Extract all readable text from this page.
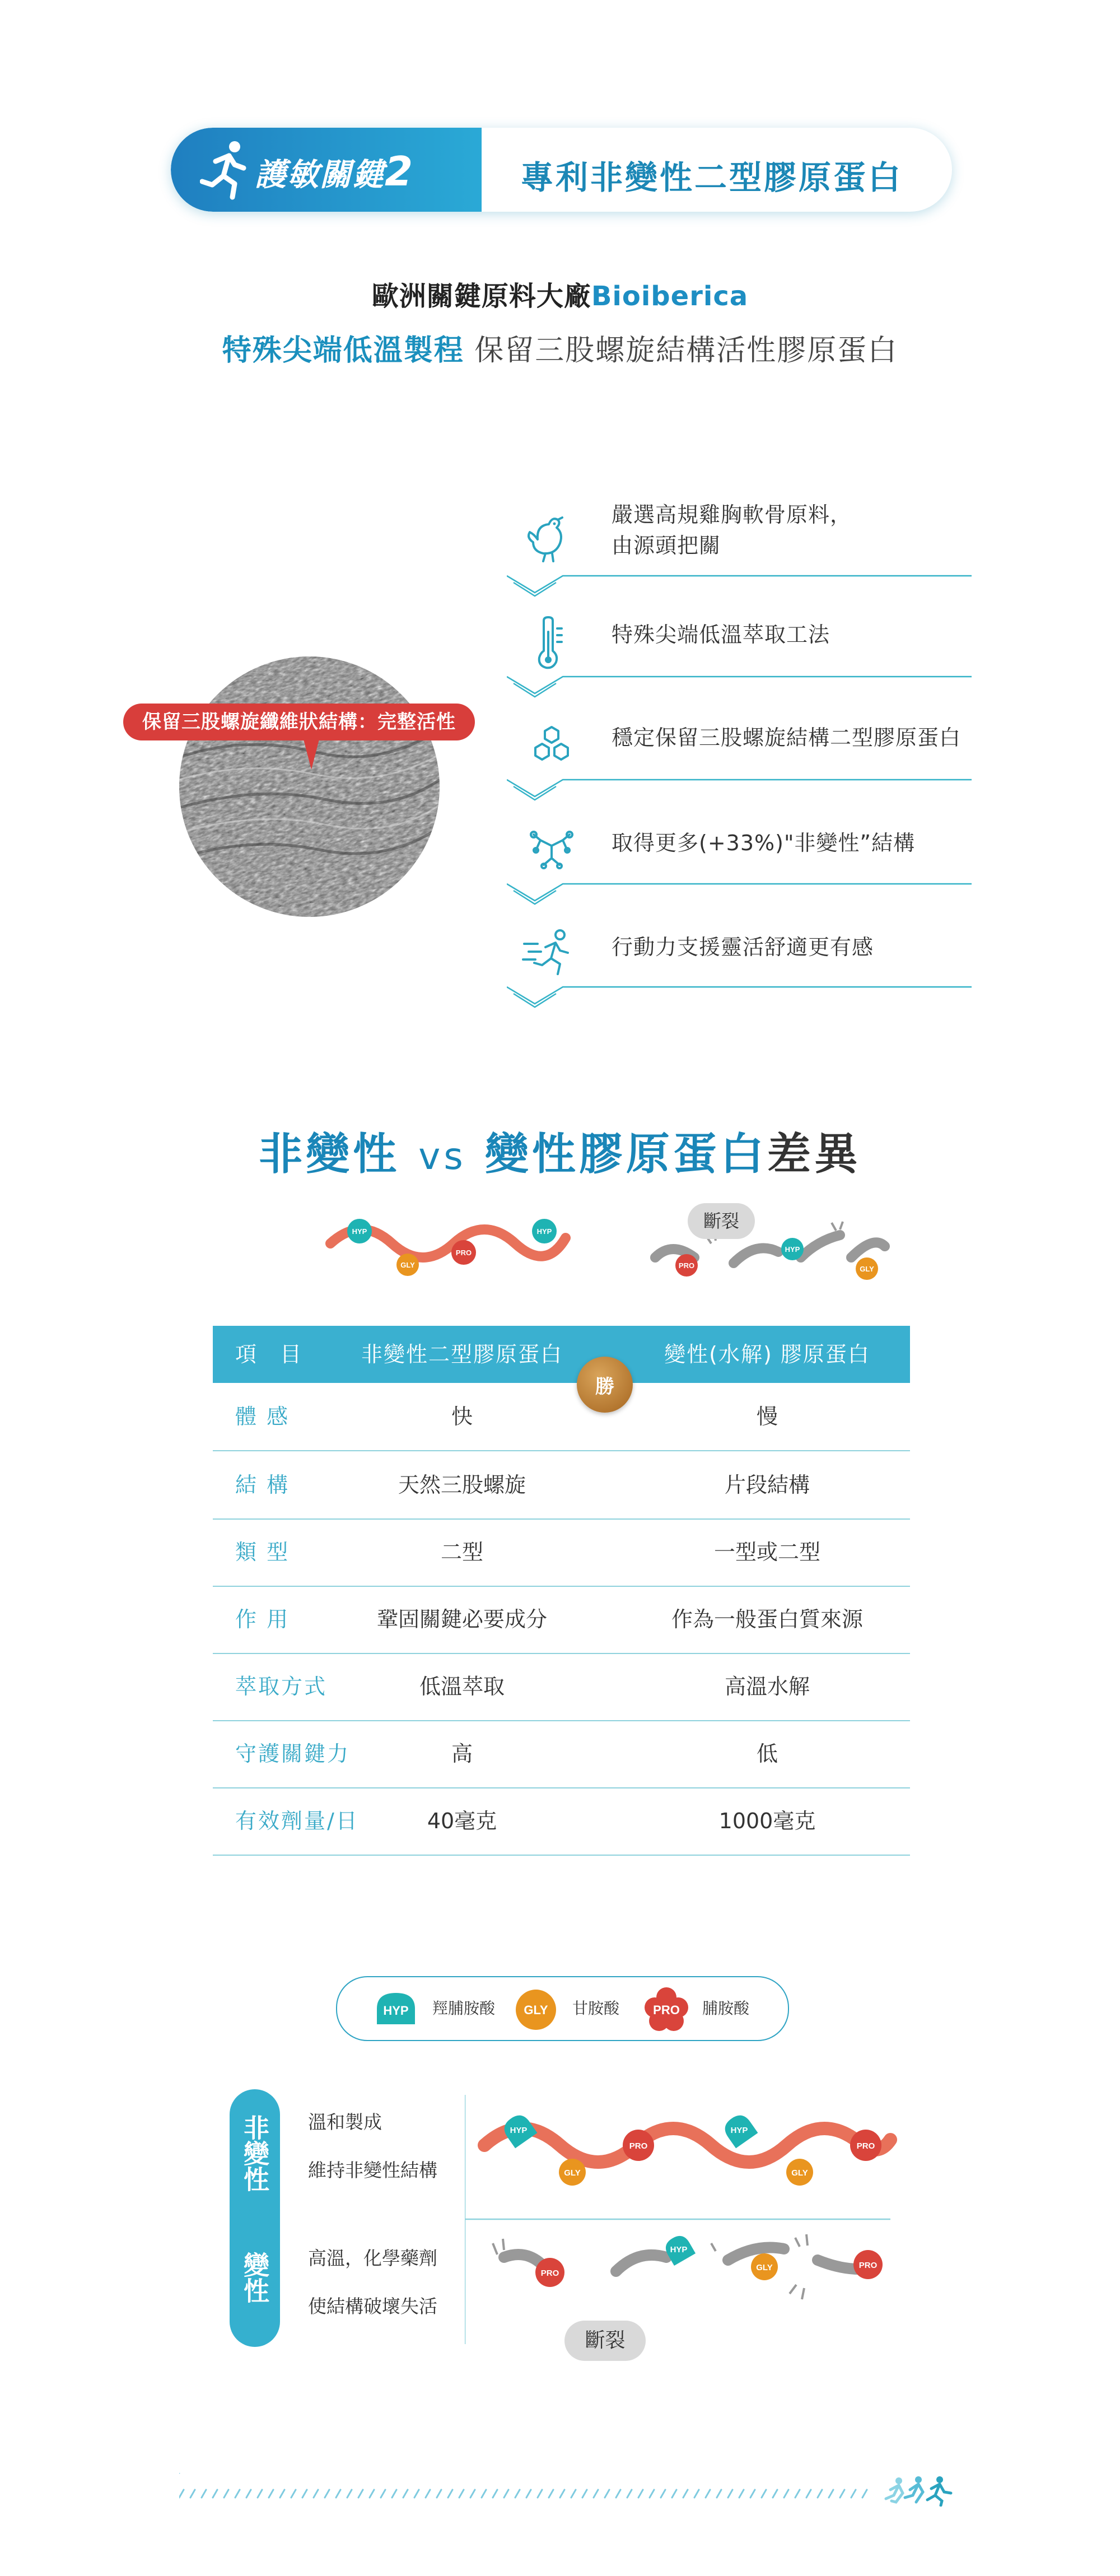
護敏關鍵2	專利非變性二型膠原蛋白
歐洲關鍵原料大廠Bioiberica
特殊尖端低溫製程 保留三股螺旋結構活性膠原蛋白
保留三股螺旋纖維狀結構：完整活性
嚴選高規雞胸軟骨原料，
由源頭把關
特殊尖端低溫萃取工法
穩定保留三股螺旋結構二型膠原蛋白
取得更多(+33%)"非變性”結構
行動力支援靈活舒適更有感
非變性 vs 變性膠原蛋白差異
HYP
GLY
PRO
HYP
PRO
HYP
GLY
斷裂
項　目	非變性二型膠原蛋白	變性(水解) 膠原蛋白
體 感	快	慢
結 構	天然三股螺旋	片段結構
類 型	二型	一型或二型
作 用	鞏固關鍵必要成分	作為一般蛋白質來源
萃取方式	低溫萃取	高溫水解
守護關鍵力	高	低
有效劑量/日	40毫克	1000毫克
勝
HYP 羥脯胺酸 GLY 甘胺酸	PRO 脯胺酸
非變性
變性
溫和製成
維持非變性結構
高溫，化學藥劑
使結構破壞失活
HYP
GLY
PRO
HYP
GLY
PRO
PRO
HYP
GLY	PRO
斷裂
